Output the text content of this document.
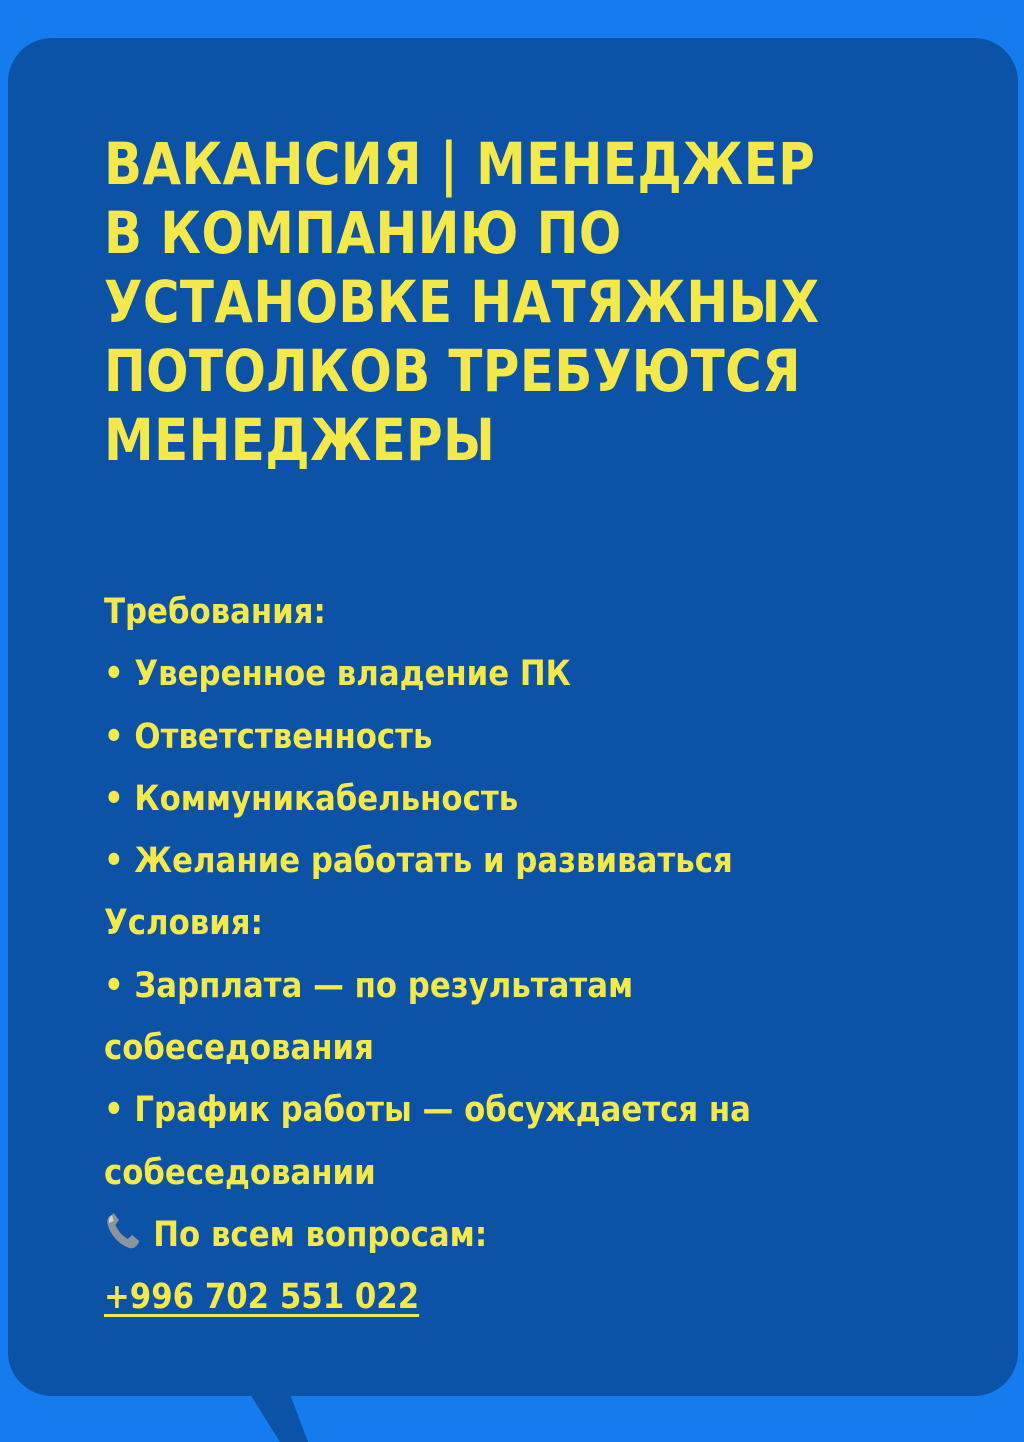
ВАКАНСИЯ | МЕНЕДЖЕР
В КОМПАНИЮ ПО
УСТАНОВКЕ НАТЯЖНЫХ
ПОТОЛКОВ ТРЕБУЮТСЯ
МЕНЕДЖЕРЫ
Требования:
• Уверенное владение ПК
• Ответственность
• Коммуникабельность
• Желание работать и развиваться
Условия:
• Зарплата — по результатам
собеседования
• График работы — обсуждается на
собеседовании
По всем вопросам:
+996 702 551 022
